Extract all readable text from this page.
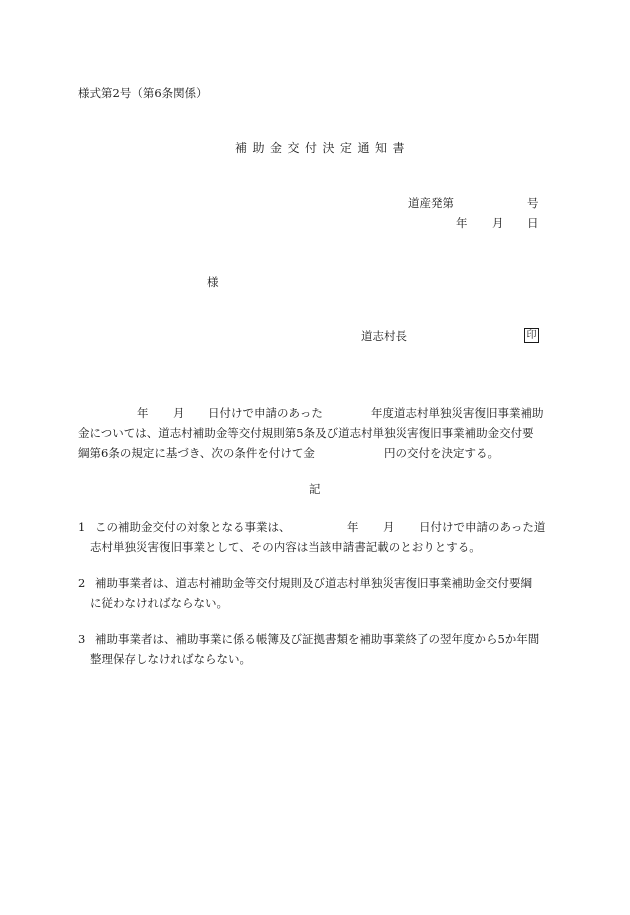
様式第2号（第6条関係）
補助金交付決定通知書
道産発第	号
年 月 日
様
道志村長	印
年 月 日付けで申請のあった	年度道志村単独災害復旧事業補助
金については、道志村補助金等交付規則第5条及び道志村単独災害復旧事業補助金交付要
綱第6条の規定に基づき、次の条件を付けて金	円の交付を決定する。
記
1 この補助金交付の対象となる事業は、	年 月 日付けで申請のあった道
志村単独災害復旧事業として、その内容は当該申請書記載のとおりとする。
2 補助事業者は、道志村補助金等交付規則及び道志村単独災害復旧事業補助金交付要綱
に従わなければならない。
3 補助事業者は、補助事業に係る帳簿及び証拠書類を補助事業終了の翌年度から5か年間
整理保存しなければならない。
